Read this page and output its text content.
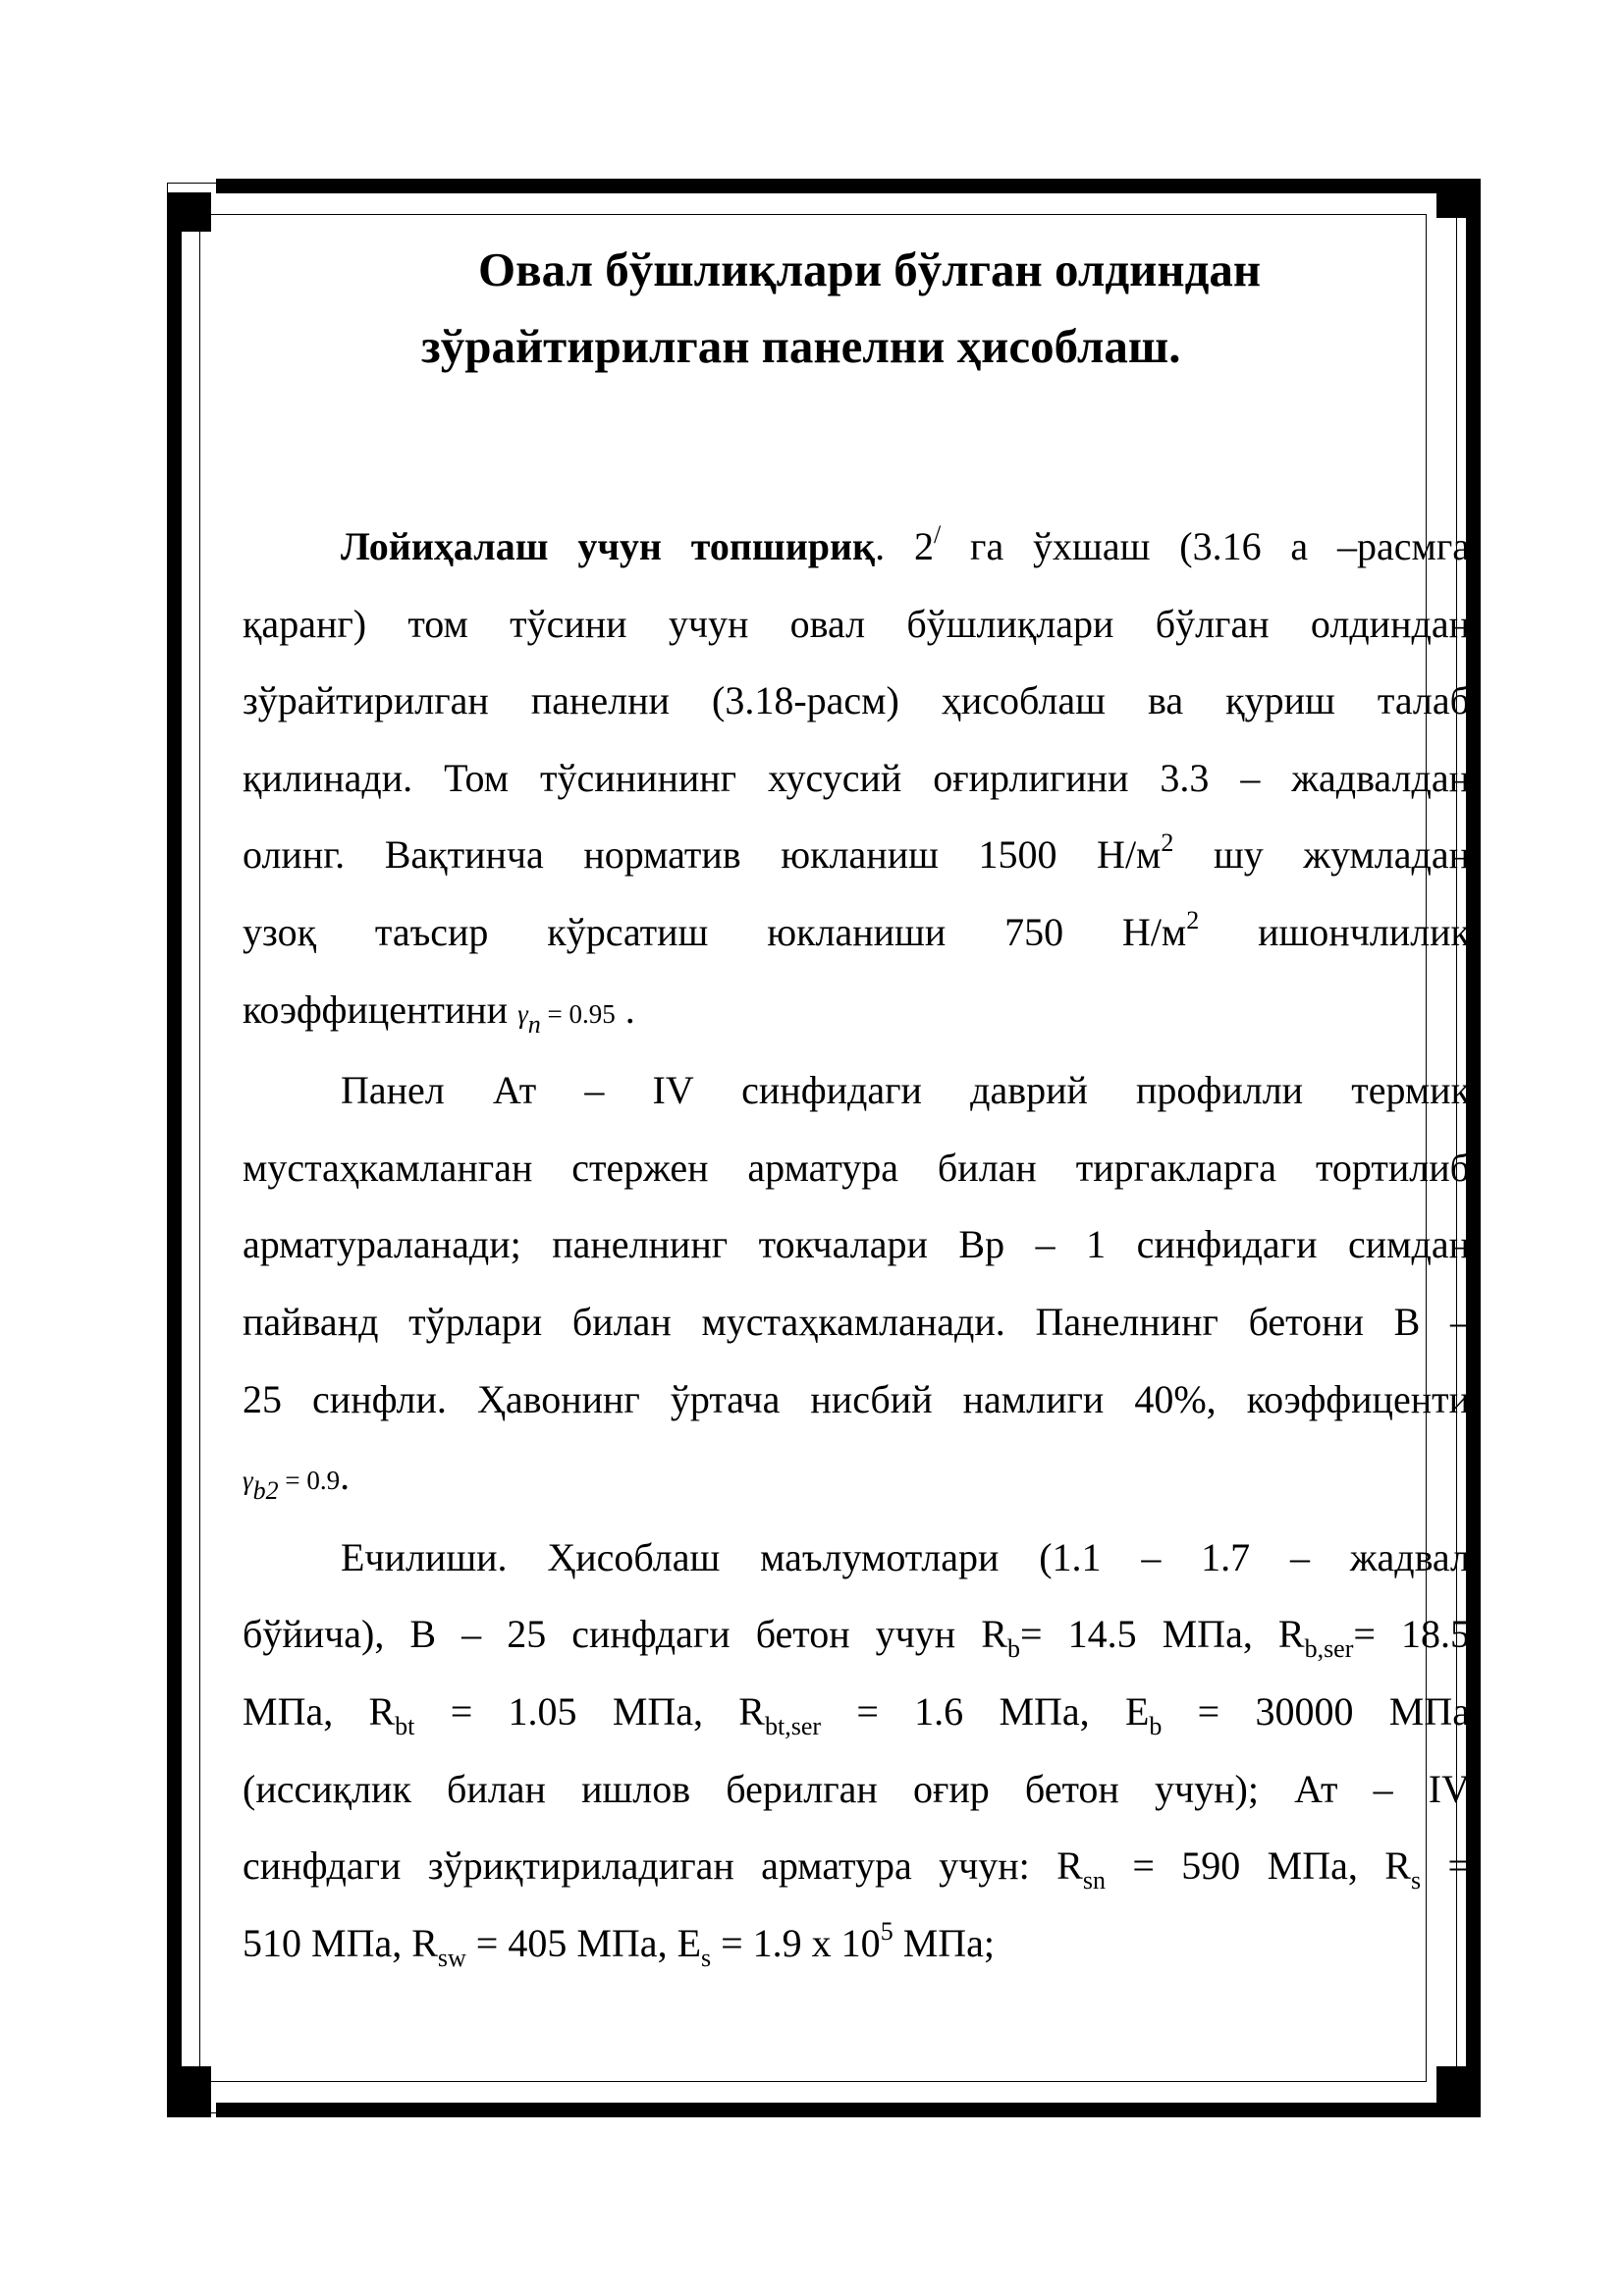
Овал бўшлиқлари бўлган олдиндан
зўрайтирилган панелни ҳисоблаш.
Лойиҳалаш учун топшириқ. 2/ га ўхшаш (3.16 а –расмга
қаранг) том тўсини учун овал бўшлиқлари бўлган олдиндан
зўрайтирилган панелни (3.18-расм) ҳисоблаш ва қуриш талаб
қилинади. Том тўсинининг хусусий оғирлигини 3.3 – жадвалдан
олинг. Вақтинча норматив юкланиш 1500 $Н/м^2$ шу жумладан
узоқ таъсир кўрсатиш юкланиши 750 $Н/м^2$ ишончлилик
коэффицентини $\gamma_n = 0.95$ .
Панел Ат – IV синфидаги даврий профилли термик
мустаҳкамланган стержен арматура билан тиргакларга тортилиб
арматураланади; панелнинг токчалари Вр – 1 синфидаги симдан
пайванд тўрлари билан мустаҳкамланади. Панелнинг бетони В –
25 синфли. Ҳавонинг ўртача нисбий намлиги 40%, коэффиценти
$\gamma_{b2} = 0.9$.
Ечилиши. Ҳисоблаш маълумотлари (1.1 – 1.7 – жадвал
бўйича), В – 25 синфдаги бетон учун $R_b= 14.5$ МПа, $R_{b,ser}= 18.5$
МПа, $R_{bt} = 1.05$ МПа, $R_{bt,ser} = 1.6$ МПа, $E_b = 30000$ МПа
(иссиқлик билан ишлов берилган оғир бетон учун); Ат – IV
синфдаги зўриқтириладиган арматура учун: $R_{sn} = 590$ МПа, $R_s$ =
510 МПа, $R_{sw} = 405$ МПа, $E_s = 1.9$ х $10^5$ МПа;
